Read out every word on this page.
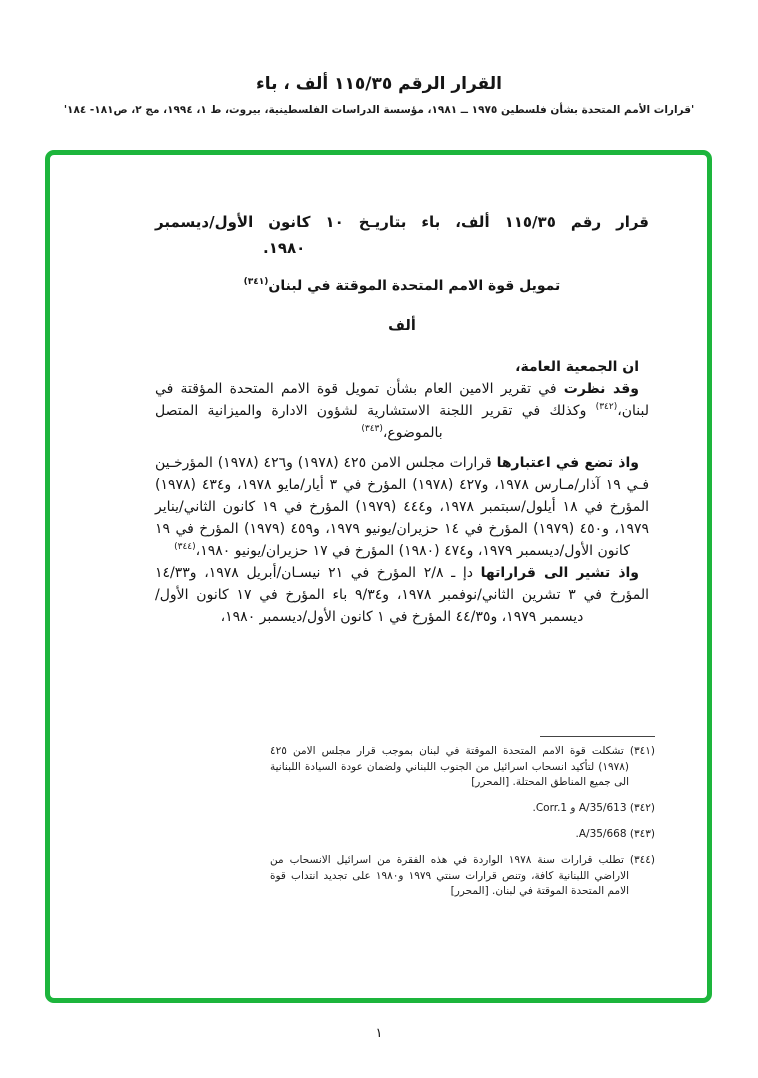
القرار الرقم ١١٥/٣٥ ألف ، باء
'قرارات الأمم المتحدة بشأن فلسطين ١٩٧٥ ــ ١٩٨١، مؤسسة الدراسات الفلسطينية، بيروت، ط ١، ١٩٩٤، مج ٢، ص١٨١- ١٨٤'
قرار رقم ١١٥/٣٥ ألف، باء بتاريـخ ١٠ كانون الأول/ديسمبر
١٩٨٠.
تمويل قوة الامم المتحدة الموقتة في لبنان$^{(٣٤١)}$
ألف

ان الجمعية العامة،

وقد نظرت في تقرير الامين العام بشأن تمويل قوة الامم المتحدة المؤقتة في لبنان،$^{(٣٤٢)}$ وكذلك في تقرير اللجنة الاستشارية لشؤون الادارة والميزانية المتصل بالموضوع،$^{(٣٤٣)}$

واذ تضع في اعتبارها قرارات مجلس الامن ٤٢٥ (١٩٧٨) و٤٢٦ (١٩٧٨) المؤرخـين فـي ١٩ آذار/مـارس ١٩٧٨، و٤٢٧ (١٩٧٨) المؤرخ في ٣ أيار/مايو ١٩٧٨، و٤٣٤ (١٩٧٨) المؤرخ في ١٨ أيلول/سبتمبر ١٩٧٨، و٤٤٤ (١٩٧٩) المؤرخ في ١٩ كانون الثاني/يناير ١٩٧٩، و٤٥٠ (١٩٧٩) المؤرخ في ١٤ حزيران/يونيو ١٩٧٩، و٤٥٩ (١٩٧٩) المؤرخ في ١٩ كانون الأول/ديسمبر ١٩٧٩، و٤٧٤ (١٩٨٠) المؤرخ في ١٧ حزيران/يونيو ١٩٨٠،$^{(٣٤٤)}$

واذ تشير الى قراراتها دإ ـ ٢/٨ المؤرخ في ٢١ نيسـان/أبريل ١٩٧٨، و١٤/٣٣ المؤرخ في ٣ تشرين الثاني/نوفمبر ١٩٧٨، و٩/٣٤ باء المؤرخ في ١٧ كانون الأول/ديسمبر ١٩٧٩، و٤٤/٣٥ المؤرخ في ١ كانون الأول/ديسمبر ١٩٨٠،

(٣٤١) تشكلت قوة الامم المتحدة الموقتة في لبنان بموجب قرار مجلس الامن ٤٢٥ (١٩٧٨) لتأكيد انسحاب اسرائيل من الجنوب اللبناني ولضمان عودة السيادة اللبنانية الى جميع المناطق المحتلة. [المحرر]

(٣٤٢) A/35/613 و Corr.1.

(٣٤٣) A/35/668.

(٣٤٤) تطلب قرارات سنة ١٩٧٨ الواردة في هذه الفقرة من اسرائيل الانسحاب من الاراضي اللبنانية كافة، وتنص قرارات سنتي ١٩٧٩ و١٩٨٠ على تجديد انتداب قوة الامم المتحدة الموقتة في لبنان. [المحرر]

١
